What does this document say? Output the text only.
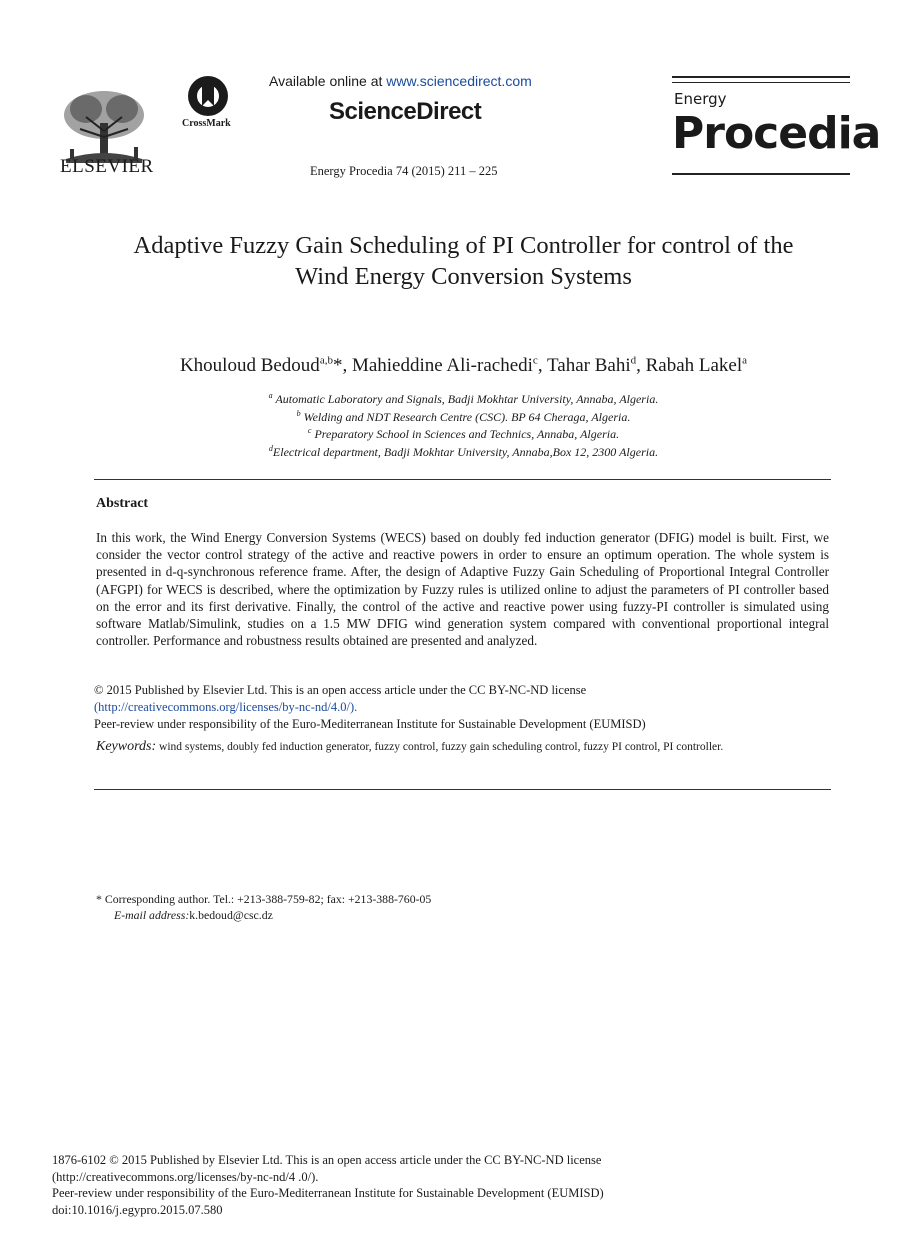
ELSEVIER
CrossMark
Available online at www.sciencedirect.com
ScienceDirect
Energy Procedia 74 (2015) 211 – 225
Energy
Procedia
Adaptive Fuzzy Gain Scheduling of PI Controller for control of the
Wind Energy Conversion Systems
Khouloud Bedoud$^{a,b}$*, Mahieddine Ali-rachedi$^c$, Tahar Bahi$^d$, Rabah Lakel$^a$
$^a$ Automatic Laboratory and Signals, Badji Mokhtar University, Annaba, Algeria.
$^b$ Welding and NDT Research Centre (CSC). BP 64 Cheraga, Algeria.
$^c$ Preparatory School in Sciences and Technics, Annaba, Algeria.
$^d$Electrical department, Badji Mokhtar University, Annaba,Box 12, 2300 Algeria.
Abstract
In this work, the Wind Energy Conversion Systems (WECS) based on doubly fed induction generator (DFIG) model is built. First, we consider the vector control strategy of the active and reactive powers in order to ensure an optimum operation. The whole system is presented in d-q-synchronous reference frame. After, the design of Adaptive Fuzzy Gain Scheduling of Proportional Integral Controller (AFGPI) for WECS is described, where the optimization by Fuzzy rules is utilized online to adjust the parameters of PI controller based on the error and its first derivative. Finally, the control of the active and reactive power using fuzzy-PI controller is simulated using software Matlab/Simulink, studies on a 1.5 MW DFIG wind generation system compared with conventional proportional integral controller. Performance and robustness results obtained are presented and analyzed.
© 2015 Published by Elsevier Ltd. This is an open access article under the CC BY-NC-ND license
(http://creativecommons.org/licenses/by-nc-nd/4.0/).
Peer-review under responsibility of the Euro-Mediterranean Institute for Sustainable Development (EUMISD)
Keywords: wind systems, doubly fed induction generator, fuzzy control, fuzzy gain scheduling control, fuzzy PI control, PI controller.
* Corresponding author. Tel.: +213-388-759-82; fax: +213-388-760-05
E-mail address:k.bedoud@csc.dz
1876-6102 © 2015 Published by Elsevier Ltd. This is an open access article under the CC BY-NC-ND license
(http://creativecommons.org/licenses/by-nc-nd/4 .0/).
Peer-review under responsibility of the Euro-Mediterranean Institute for Sustainable Development (EUMISD)
doi:10.1016/j.egypro.2015.07.580
